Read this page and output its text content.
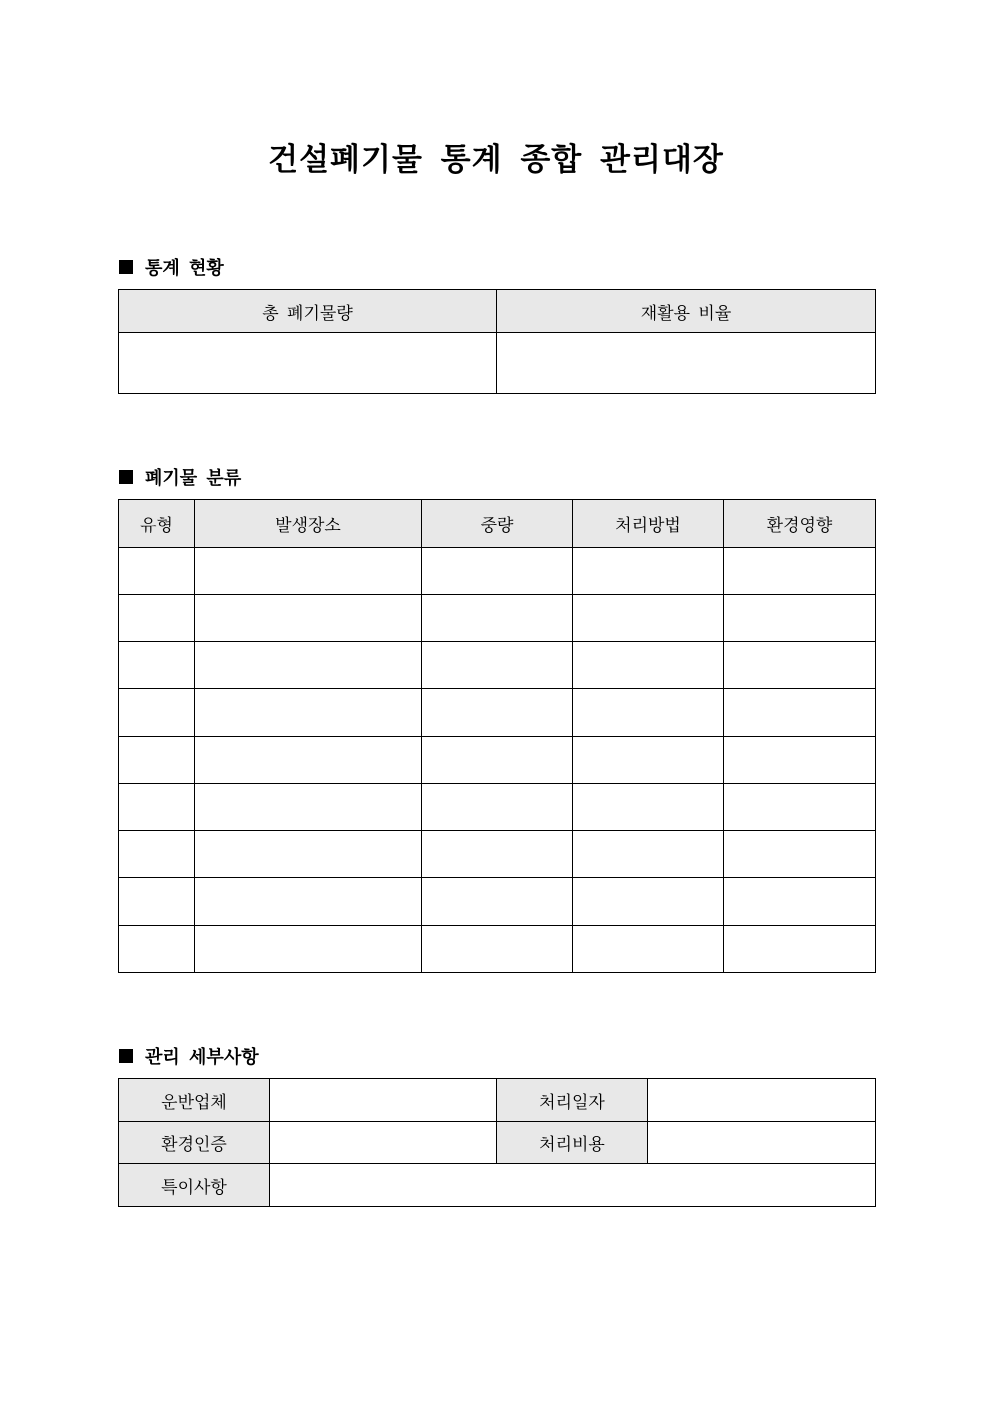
건설폐기물 통계 종합 관리대장
통계 현황
총 폐기물량	재활용 비율

폐기물 분류
유형	발생장소	중량	처리방법	환경영향

관리 세부사항
운반업체		처리일자	
환경인증		처리비용	
특이사항			
